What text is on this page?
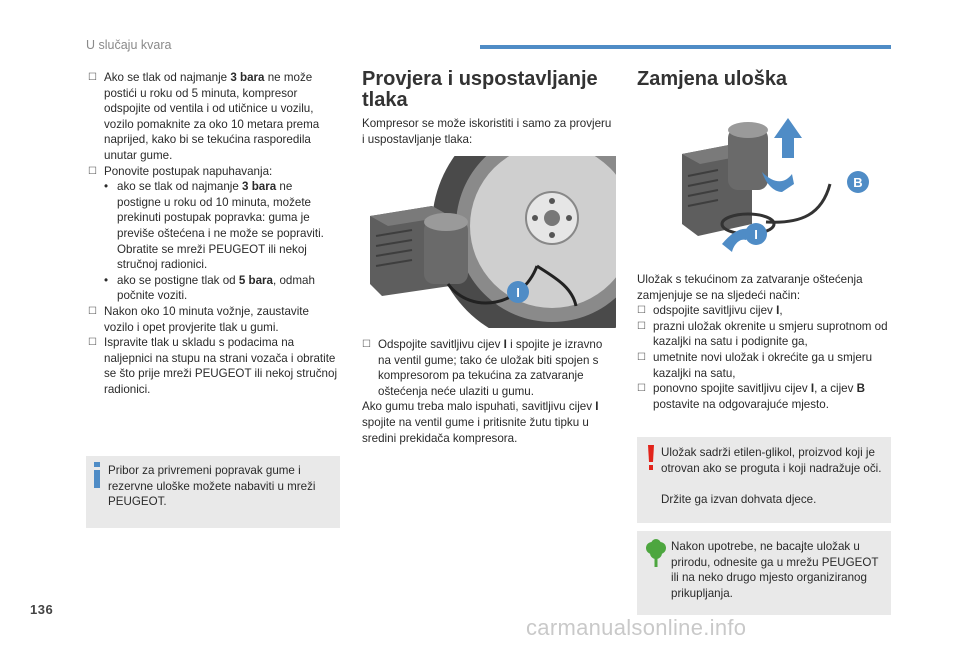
U slučaju kvara
☐ Ako se tlak od najmanje 3 bara ne može postići u roku od 5 minuta, kompresor odspojite od ventila i od utičnice u vozilu, vozilo pomaknite za oko 10 metara prema naprijed, kako bi se tekućina rasporedila unutar gume.

☐ Ponovite postupak napuhavanja:

• ako se tlak od najmanje 3 bara ne postigne u roku od 10 minuta, možete prekinuti postupak popravka: guma je previše oštećena i ne može se popraviti. Obratite se mreži PEUGEOT ili nekoj stručnoj radionici.

• ako se postigne tlak od 5 bara, odmah počnite voziti.

☐ Nakon oko 10 minuta vožnje, zaustavite vozilo i opet provjerite tlak u gumi.

☐ Ispravite tlak u skladu s podacima na naljepnici na stupu na strani vozača i obratite se što prije mreži PEUGEOT ili nekoj stručnoj radionici.

Pribor za privremeni popravak gume i rezervne uloške možete nabaviti u mreži PEUGEOT.

Provjera i uspostavljanje tlaka

Kompresor se može iskoristiti i samo za provjeru i uspostavljanje tlaka:

I
☐ Odspojite savitljivu cijev I i spojite je izravno na ventil gume; tako će uložak biti spojen s kompresorom pa tekućina za zatvaranje oštećenja neće ulaziti u gumu.

Ako gumu treba malo ispuhati, savitljivu cijev I spojite na ventil gume i pritisnite žutu tipku u sredini prekidača kompresora.

Zamjena uloška
B
I

Uložak s tekućinom za zatvaranje oštećenja zamjenjuje se na sljedeći način:

☐ odspojite savitljivu cijev I,

☐ prazni uložak okrenite u smjeru suprotnom od kazaljki na satu i podignite ga,

☐ umetnite novi uložak i okrećite ga u smjeru kazaljki na satu,

☐ ponovno spojite savitljivu cijev I, a cijev B postavite na odgovarajuće mjesto.

Uložak sadrži etilen-glikol, proizvod koji je otrovan ako se proguta i koji nadražuje oči.

Držite ga izvan dohvata djece.

Nakon upotrebe, ne bacajte uložak u prirodu, odnesite ga u mrežu PEUGEOT ili na neko drugo mjesto organiziranog prikupljanja.

136
carmanualsonline.info
